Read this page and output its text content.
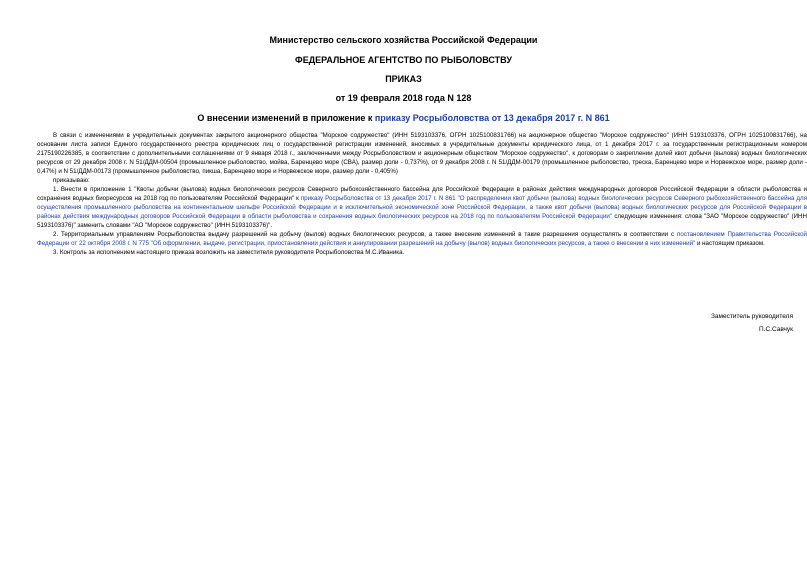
Министерство сельского хозяйства Российской Федерации
ФЕДЕРАЛЬНОЕ АГЕНТСТВО ПО РЫБОЛОВСТВУ
ПРИКАЗ
от 19 февраля 2018 года N 128
О внесении изменений в приложение к приказу Росрыболовства от 13 декабря 2017 г. N 861

В связи с изменениями в учредительных документах закрытого акционерного общества "Морское содружество" (ИНН 5193103376, ОГРН 1025100831766) на акционерное общество "Морское содружество" (ИНН 5193103376, ОГРН 1025100831766), на основании листа записи Единого государственного реестра юридических лиц о государственной регистрации изменений, вносимых в учредительные документы юридического лица, от 1 декабря 2017 г. за государственным регистрационным номером 2175190226385, в соответствии с дополнительными соглашениями от 9 января 2018 г., заключенными между Росрыболовством и акционерным обществом "Морское содружество", к договорам о закреплении долей квот добычи (вылова) водных биологических ресурсов от 29 декабря 2008 г. N 51/ДДМ-00504 (промышленное рыболовство, мойва, Баренцево море (СВА), размер доли - 0,737%), от 9 декабря 2008 г. N 51/ДДМ-00179 (промышленное рыболовство, треска, Баренцево море и Норвежское море, размер доли - 0,47%) и N 51/ДДМ-00173 (промышленное рыболовство, пикша, Баренцево море и Норвежское море, размер доли - 0,405%)

приказываю:

1. Внести в приложение 1 "Квоты добычи (вылова) водных биологических ресурсов Северного рыбохозяйственного бассейна для Российской Федерации в районах действия международных договоров Российской Федерации в области рыболовства и сохранения водных биоресурсов на 2018 год по пользователям Российской Федерации" к приказу Росрыболовства от 13 декабря 2017 г. N 861 "О распределении квот добычи (вылова) водных биологических ресурсов Северного рыбохозяйственного бассейна для осуществления промышленного рыболовства на континентальном шельфе Российской Федерации и в исключительной экономической зоне Российской Федерации, а также квот добычи (вылова) водных биологических ресурсов для Российской Федерации в районах действия международных договоров Российской Федерации в области рыболовства и сохранения водных биологических ресурсов на 2018 год по пользователям Российской Федерации" следующие изменения: слова "ЗАО "Морское содружество" (ИНН 5193103376)" заменить словами "АО "Морское содружество" (ИНН 5193103376)".

2. Территориальным управлениям Росрыболовства выдачу разрешений на добычу (вылов) водных биологических ресурсов, а также внесение изменений в такие разрешения осуществлять в соответствии с постановлением Правительства Российской Федерации от 22 октября 2008 г. N 775 "Об оформлении, выдаче, регистрации, приостановлении действия и аннулировании разрешений на добычу (вылов) водных биологических ресурсов, а также о внесении в них изменений" и настоящим приказом.

3. Контроль за исполнением настоящего приказа возложить на заместителя руководителя Росрыболовства М.С.Иваника.

Заместитель руководителя
П.С.Савчук
